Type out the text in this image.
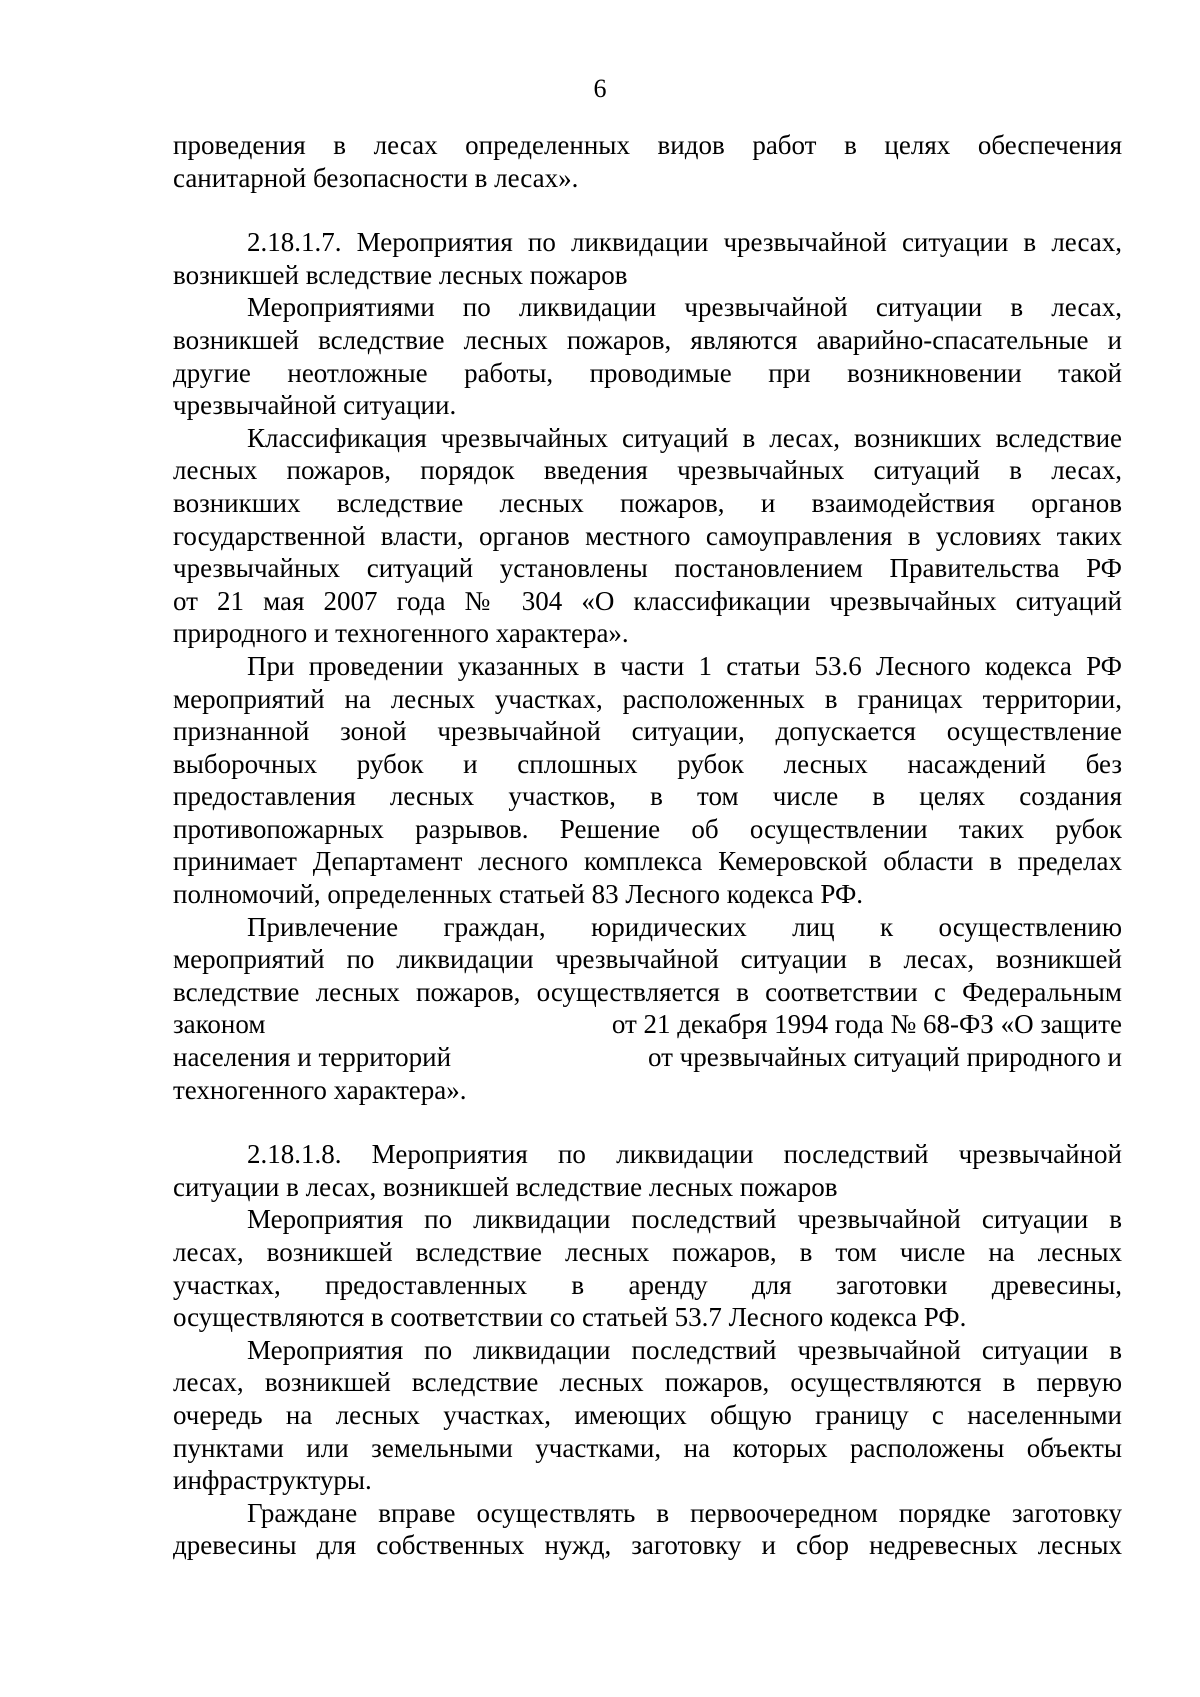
6
проведения в лесах определенных видов работ в целях обеспечения
санитарной безопасности в лесах».
2.18.1.7. Мероприятия по ликвидации чрезвычайной ситуации в лесах,
возникшей вследствие лесных пожаров
Мероприятиями по ликвидации чрезвычайной ситуации в лесах,
возникшей вследствие лесных пожаров, являются аварийно-спасательные и
другие неотложные работы, проводимые при возникновении такой
чрезвычайной ситуации.
Классификация чрезвычайных ситуаций в лесах, возникших вследствие
лесных пожаров, порядок введения чрезвычайных ситуаций в лесах,
возникших вследствие лесных пожаров, и взаимодействия органов
государственной власти, органов местного самоуправления в условиях таких
чрезвычайных ситуаций установлены постановлением Правительства РФ
от 21 мая 2007 года № 304 «О классификации чрезвычайных ситуаций
природного и техногенного характера».
При проведении указанных в части 1 статьи 53.6 Лесного кодекса РФ
мероприятий на лесных участках, расположенных в границах территории,
признанной зоной чрезвычайной ситуации, допускается осуществление
выборочных рубок и сплошных рубок лесных насаждений без
предоставления лесных участков, в том числе в целях создания
противопожарных разрывов. Решение об осуществлении таких рубок
принимает Департамент лесного комплекса Кемеровской области в пределах
полномочий, определенных статьей 83 Лесного кодекса РФ.
Привлечение граждан, юридических лиц к осуществлению
мероприятий по ликвидации чрезвычайной ситуации в лесах, возникшей
вследствие лесных пожаров, осуществляется в соответствии с Федеральным
законом	от 21 декабря 1994 года № 68-ФЗ «О защите
населения и территорий	от чрезвычайных ситуаций природного и
техногенного характера».
2.18.1.8. Мероприятия по ликвидации последствий чрезвычайной
ситуации в лесах, возникшей вследствие лесных пожаров
Мероприятия по ликвидации последствий чрезвычайной ситуации в
лесах, возникшей вследствие лесных пожаров, в том числе на лесных
участках, предоставленных в аренду для заготовки древесины,
осуществляются в соответствии со статьей 53.7 Лесного кодекса РФ.
Мероприятия по ликвидации последствий чрезвычайной ситуации в
лесах, возникшей вследствие лесных пожаров, осуществляются в первую
очередь на лесных участках, имеющих общую границу с населенными
пунктами или земельными участками, на которых расположены объекты
инфраструктуры.
Граждане вправе осуществлять в первоочередном порядке заготовку
древесины для собственных нужд, заготовку и сбор недревесных лесных
